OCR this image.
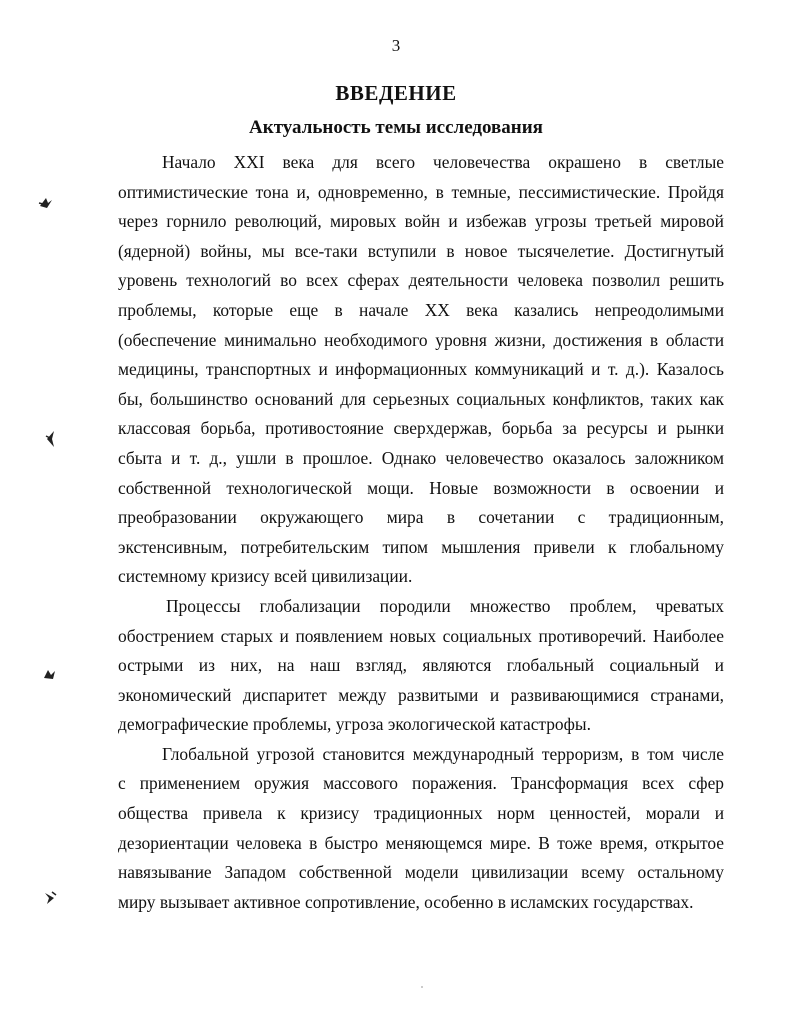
3
ВВЕДЕНИЕ
Актуальность темы исследования
Начало XXI века для всего человечества окрашено в светлые
оптимистические тона и, одновременно, в темные, пессимистические. Пройдя
через горнило революций, мировых войн и избежав угрозы третьей мировой
(ядерной) войны, мы все-таки вступили в новое тысячелетие. Достигнутый
уровень технологий во всех сферах деятельности человека позволил решить
проблемы, которые еще в начале XX века казались непреодолимыми
(обеспечение минимально необходимого уровня жизни, достижения в области
медицины, транспортных и информационных коммуникаций и т. д.). Казалось
бы, большинство оснований для серьезных социальных конфликтов, таких как
классовая борьба, противостояние сверхдержав, борьба за ресурсы и рынки
сбыта и т. д., ушли в прошлое. Однако человечество оказалось заложником
собственной технологической мощи. Новые возможности в освоении и
преобразовании окружающего мира в сочетании с традиционным,
экстенсивным, потребительским типом мышления привели к глобальному
системному кризису всей цивилизации.
Процессы глобализации породили множество проблем, чреватых
обострением старых и появлением новых социальных противоречий. Наиболее
острыми из них, на наш взгляд, являются глобальный социальный и
экономический диспаритет между развитыми и развивающимися странами,
демографические проблемы, угроза экологической катастрофы.
Глобальной угрозой становится международный терроризм, в том числе
с применением оружия массового поражения. Трансформация всех сфер
общества привела к кризису традиционных норм ценностей, морали и
дезориентации человека в быстро меняющемся мире. В тоже время, открытое
навязывание Западом собственной модели цивилизации всему остальному
миру вызывает активное сопротивление, особенно в исламских государствах.
